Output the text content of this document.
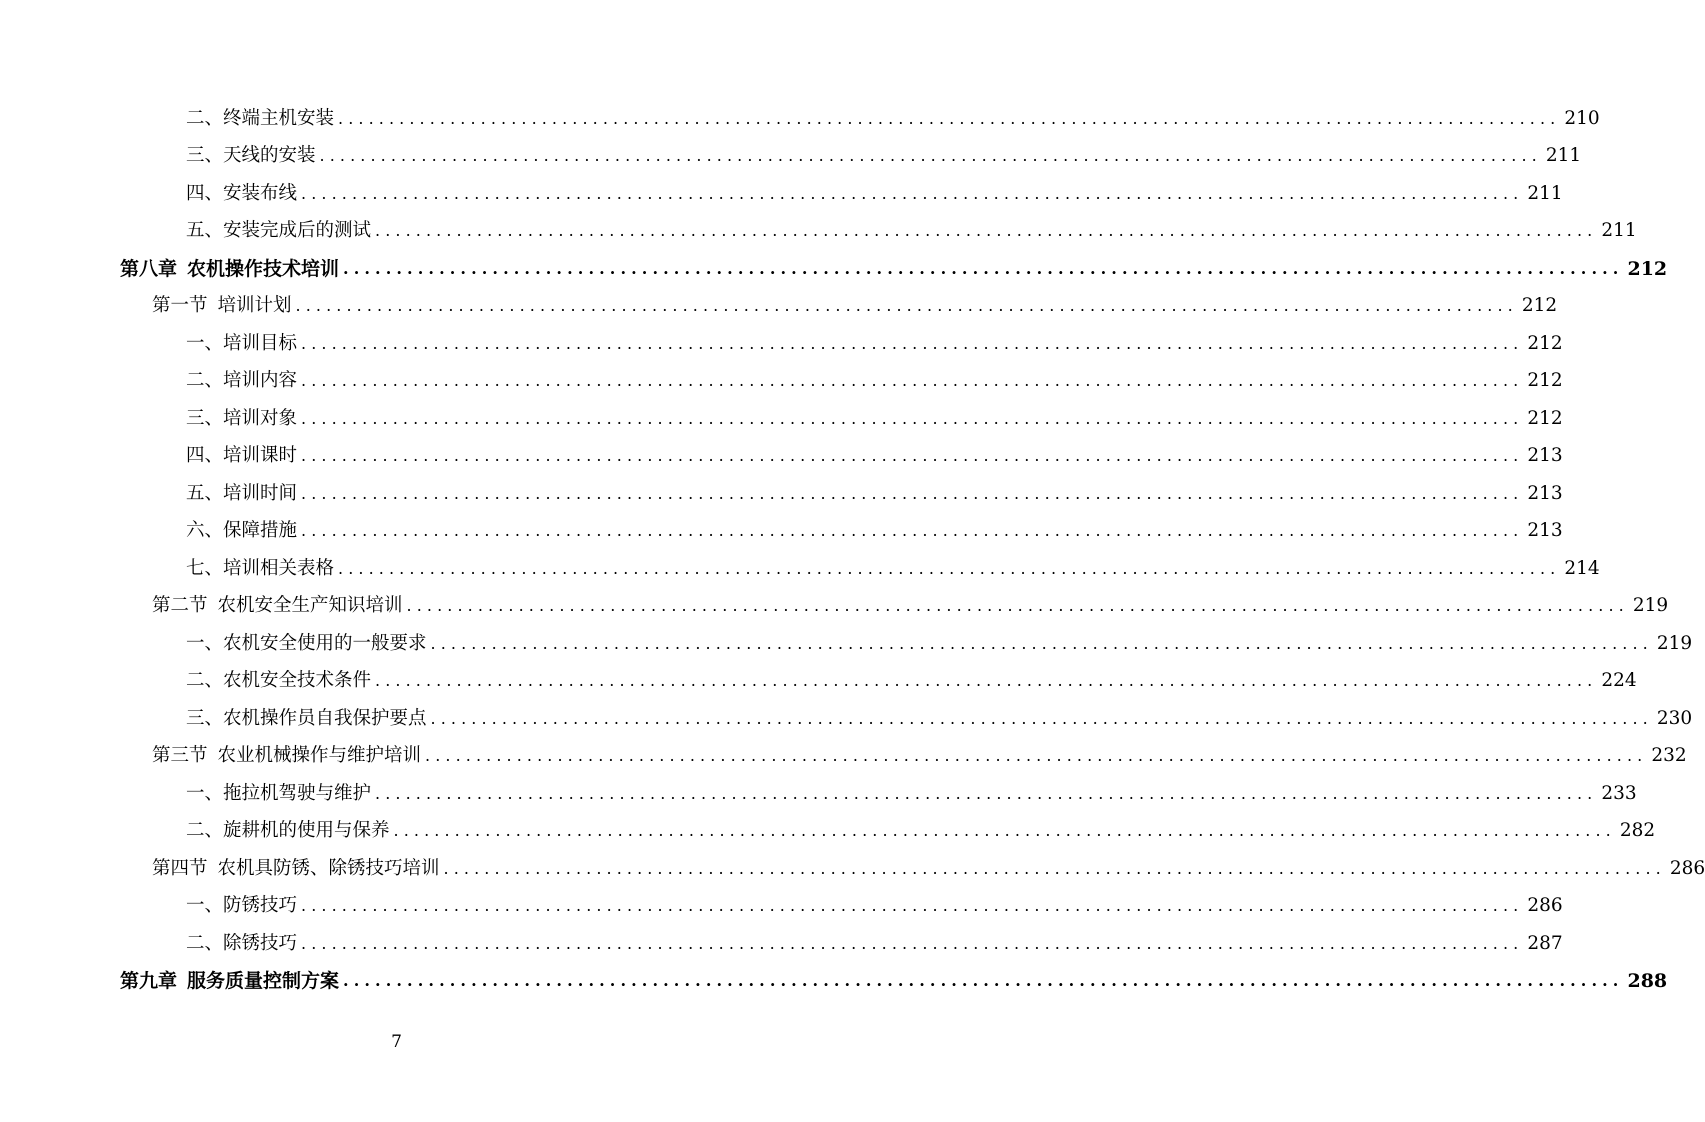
二、终端主机安装 ........................................................................................................................ 210
三、天线的安装 ........................................................................................................................ 211
四、安装布线 ........................................................................................................................ 211
五、安装完成后的测试 ........................................................................................................................ 211
第八章 农机操作技术培训 ........................................................................................................................ 212
第一节 培训计划 ........................................................................................................................ 212
一、培训目标 ........................................................................................................................ 212
二、培训内容 ........................................................................................................................ 212
三、培训对象 ........................................................................................................................ 212
四、培训课时 ........................................................................................................................ 213
五、培训时间 ........................................................................................................................ 213
六、保障措施 ........................................................................................................................ 213
七、培训相关表格 ........................................................................................................................ 214
第二节 农机安全生产知识培训 ........................................................................................................................ 219
一、农机安全使用的一般要求 ........................................................................................................................ 219
二、农机安全技术条件 ........................................................................................................................ 224
三、农机操作员自我保护要点 ........................................................................................................................ 230
第三节 农业机械操作与维护培训 ........................................................................................................................ 232
一、拖拉机驾驶与维护 ........................................................................................................................ 233
二、旋耕机的使用与保养 ........................................................................................................................ 282
第四节 农机具防锈、除锈技巧培训 ........................................................................................................................ 286
一、防锈技巧 ........................................................................................................................ 286
二、除锈技巧 ........................................................................................................................ 287
第九章 服务质量控制方案 ........................................................................................................................ 288
7
